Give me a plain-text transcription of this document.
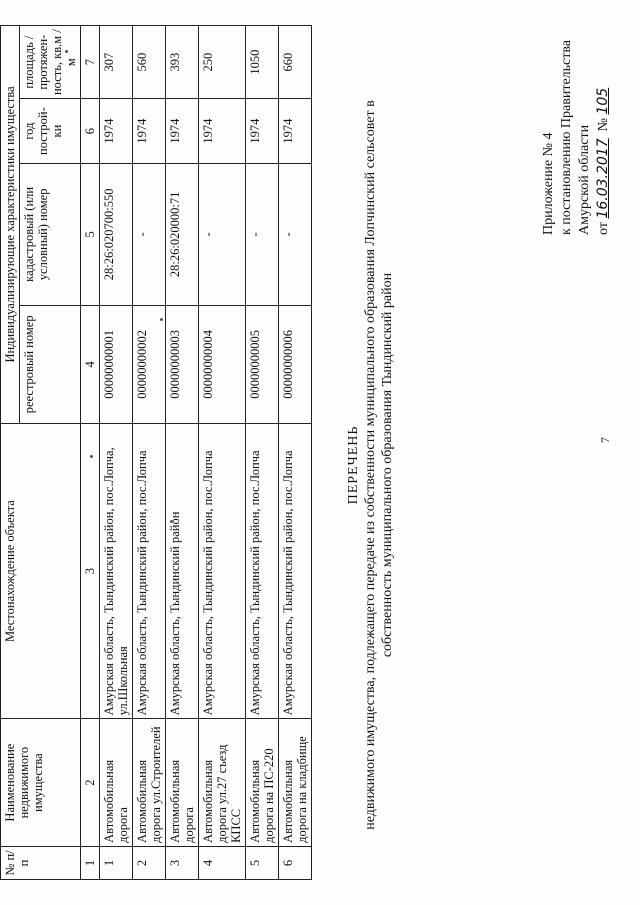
7
Приложение № 4 к постановлению Правительства Амурской области от 16.03.2017  № 105
ПЕРЕЧЕНЬ недвижимого имущества, подлежащего передаче из собственности муниципального образования Лопчинский сельсовет в собственность муниципального образования Тындинский район
№ п/п	Наименование недвижимого имущества	Местонахождение объекта	Индивидуализирующие характеристики имущества			
			реестровый номер	кадастровый (или условный) номер	год построй-ки	площадь / протяжен-ность, кв.м / м
1	2	3	4	5	6	7
1	Автомобильная дорога	Амурская область, Тындинский район, пос.Лопча, ул.Школьная	00000000001	28:26:020700:550	1974	307
2	Автомобильная дорога ул.Строителей	Амурская область, Тындинский район, пос.Лопча	00000000002	-	1974	560
3	Автомобильная дорога	Амурская область, Тындинский район	00000000003	28:26:020000:71	1974	393
4	Автомобильная дорога ул.27 съезд КПСС	Амурская область, Тындинский район, пос.Лопча	00000000004	-	1974	250
5	Автомобильная дорога на ПС-220	Амурская область, Тындинский район, пос.Лопча	00000000005	-	1974	1050
6	Автомобильная дорога на кладбище	Амурская область, Тындинский район, пос.Лопча	00000000006	-	1974	660
